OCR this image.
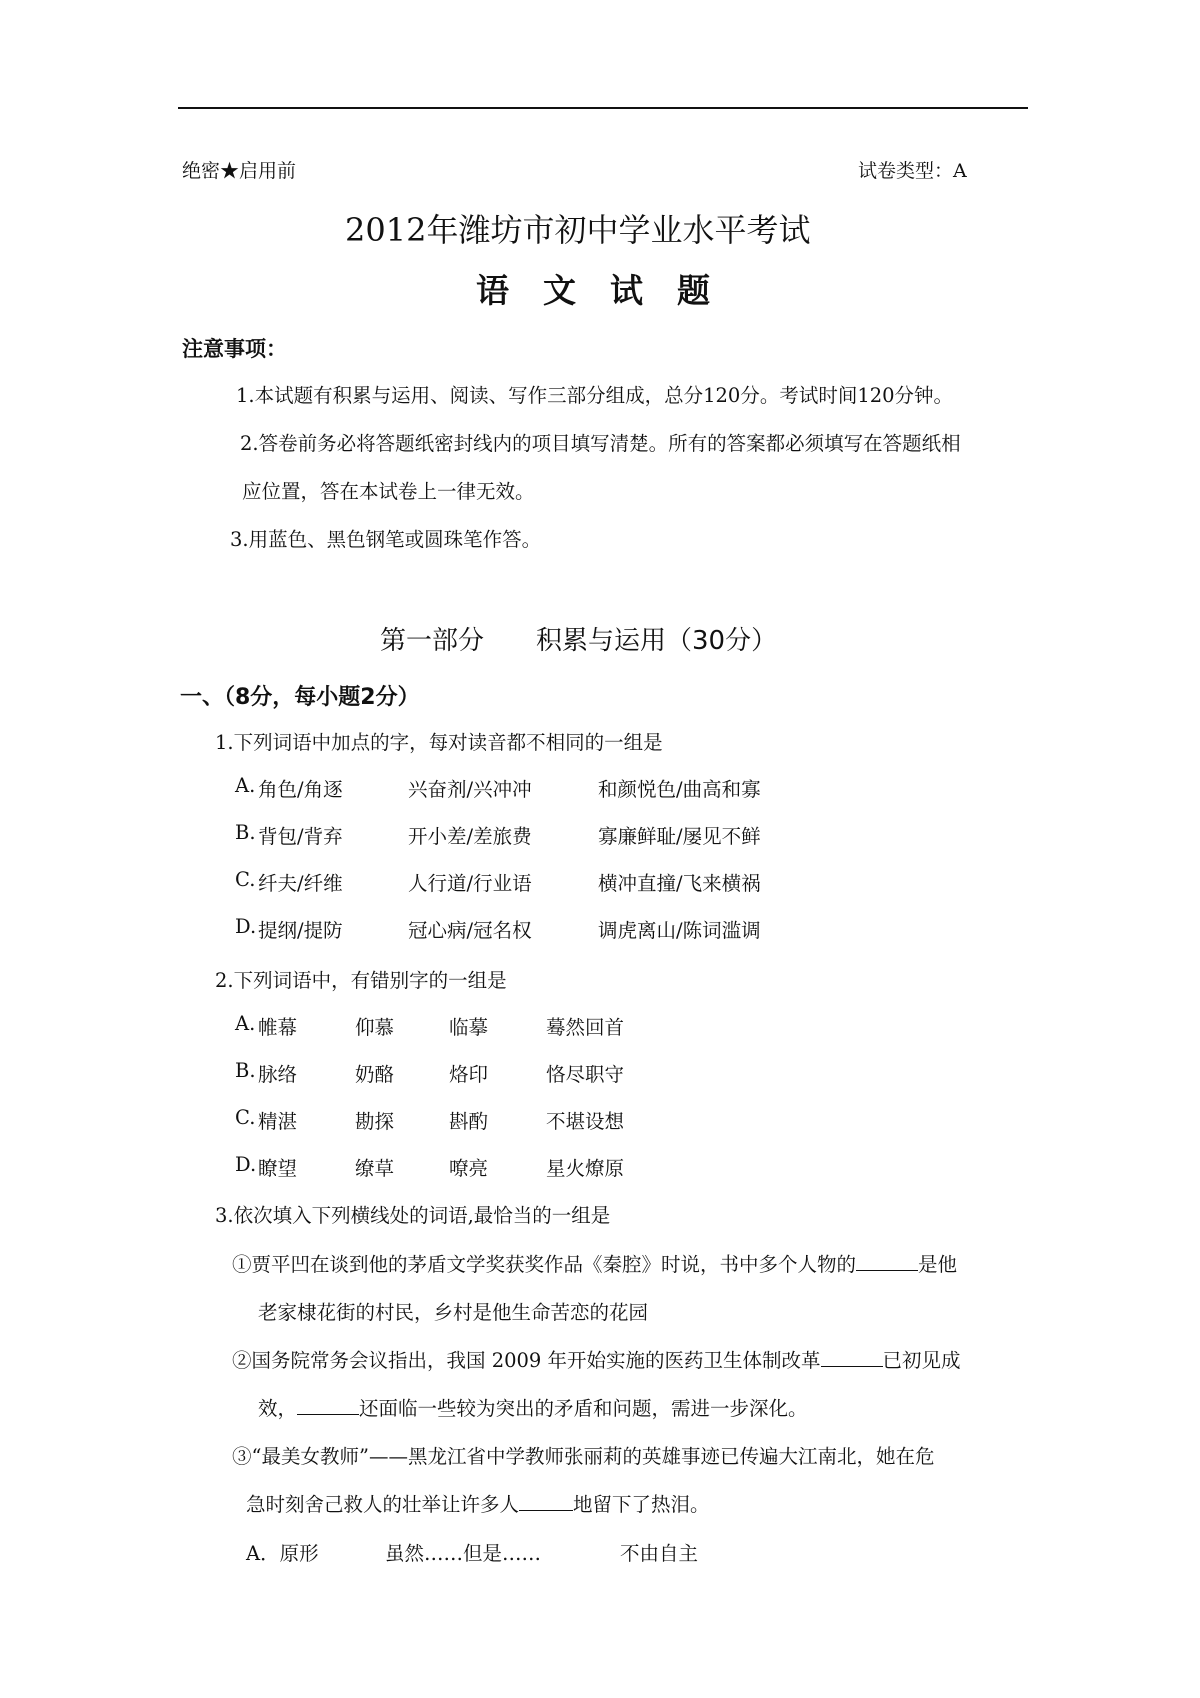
绝密★启用前	试卷类型：A
2012年潍坊市初中学业水平考试
语文试题
注意事项：
1.本试题有积累与运用、阅读、写作三部分组成，总分120分。考试时间120分钟。
2.答卷前务必将答题纸密封线内的项目填写清楚。所有的答案都必须填写在答题纸相
应位置，答在本试卷上一律无效。
3.用蓝色、黑色钢笔或圆珠笔作答。
第一部分　　积累与运用（30分）
一、（8分，每小题2分）
1.下列词语中加点的字，每对读音都不相同的一组是
A. 角色/角逐	兴奋剂/兴冲冲	和颜悦色/曲高和寡
B. 背包/背弃	开小差/差旅费	寡廉鲜耻/屡见不鲜
C. 纤夫/纤维	人行道/行业语	横冲直撞/飞来横祸
D. 提纲/提防	冠心病/冠名权	调虎离山/陈词滥调
2.下列词语中，有错别字的一组是
A. 帷幕	仰慕	临摹	蓦然回首
B. 脉络	奶酪	烙印	恪尽职守
C. 精湛	勘探	斟酌	不堪设想
D. 瞭望	缭草	嘹亮	星火燎原
3.依次填入下列横线处的词语,最恰当的一组是
①贾平凹在谈到他的茅盾文学奖获奖作品《秦腔》时说，书中多个人物的	是他
老家棣花街的村民，乡村是他生命苦恋的花园
②国务院常务会议指出，我国 2009 年开始实施的医药卫生体制改革	已初见成
效，	还面临一些较为突出的矛盾和问题，需进一步深化。
③“最美女教师”——黑龙江省中学教师张丽莉的英雄事迹已传遍大江南北，她在危
急时刻舍己救人的壮举让许多人	地留下了热泪。
A．原形	虽然……但是……	不由自主
